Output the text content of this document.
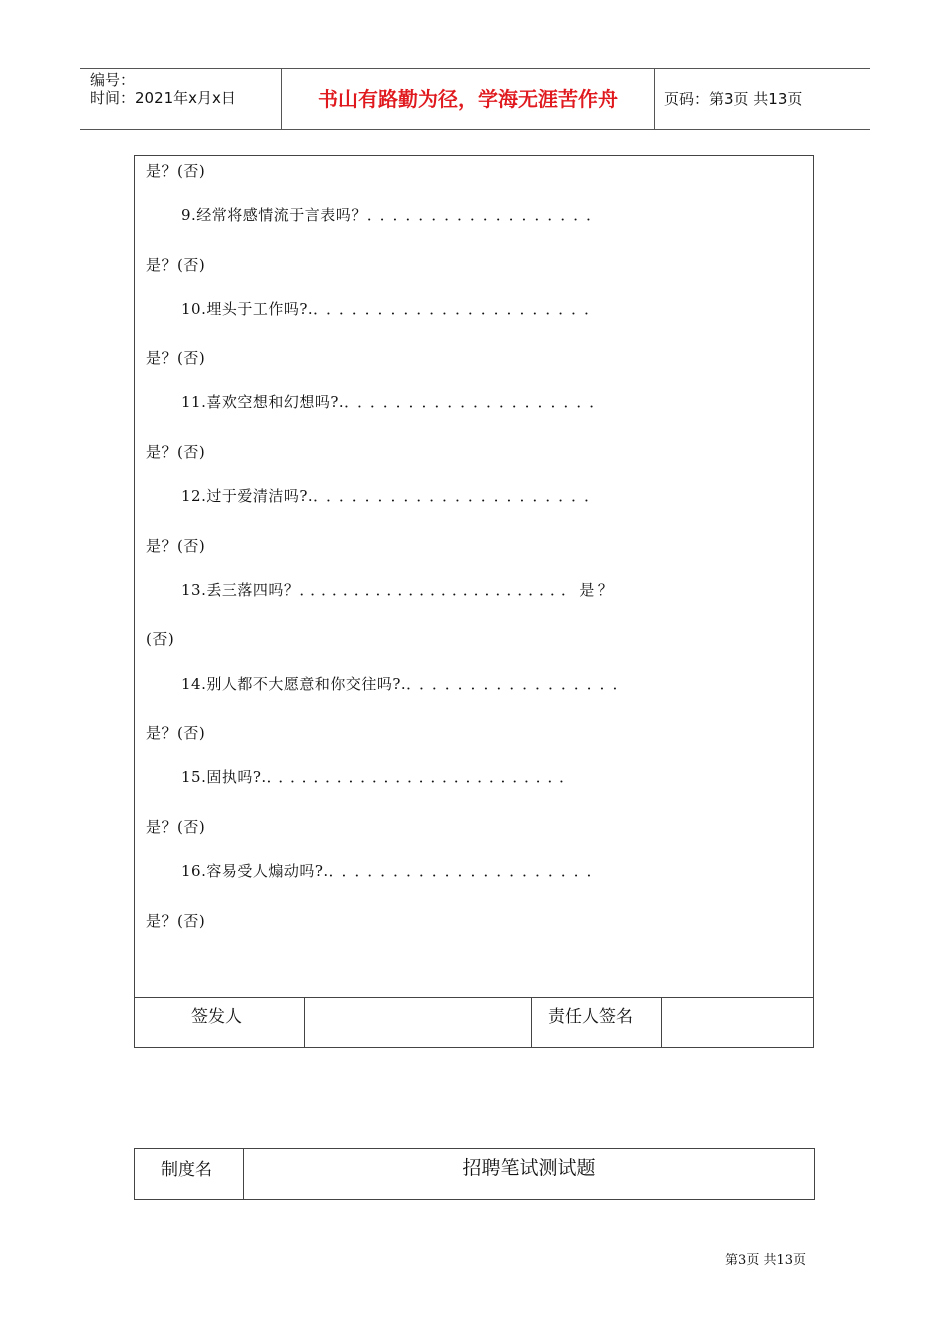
编号：
时间：2021年x月x日	书山有路勤为径，学海无涯苦作舟	页码：第3页 共13页
是？(否)
9.经常将感情流于言表吗？．．．．．．．．．．．．．．．．．．
是？(否)
10.埋头于工作吗?.．．．．．．．．．．．．．．．．．．．．．．
是？(否)
11.喜欢空想和幻想吗?.．．．．．．．．．．．．．．．．．．．．
是？(否)
12.过于爱清洁吗?.．．．．．．．．．．．．．．．．．．．．．．
是？(否)
13.丢三落四吗？．．．．．．．．．．．．．．．．．．．．．．．．．是？
(否)
14.别人都不大愿意和你交往吗?.．．．．．．．．．．．．．．．．．
是？(否)
15.固执吗?.．．．．．．．．．．．．．．．．．．．．．．．．．．
是？(否)
16.容易受人煽动吗?.．．．．．．．．．．．．．．．．．．．．．
是？(否)
签发人	责任人签名
制度名	招聘笔试测试题
第3页 共13页
